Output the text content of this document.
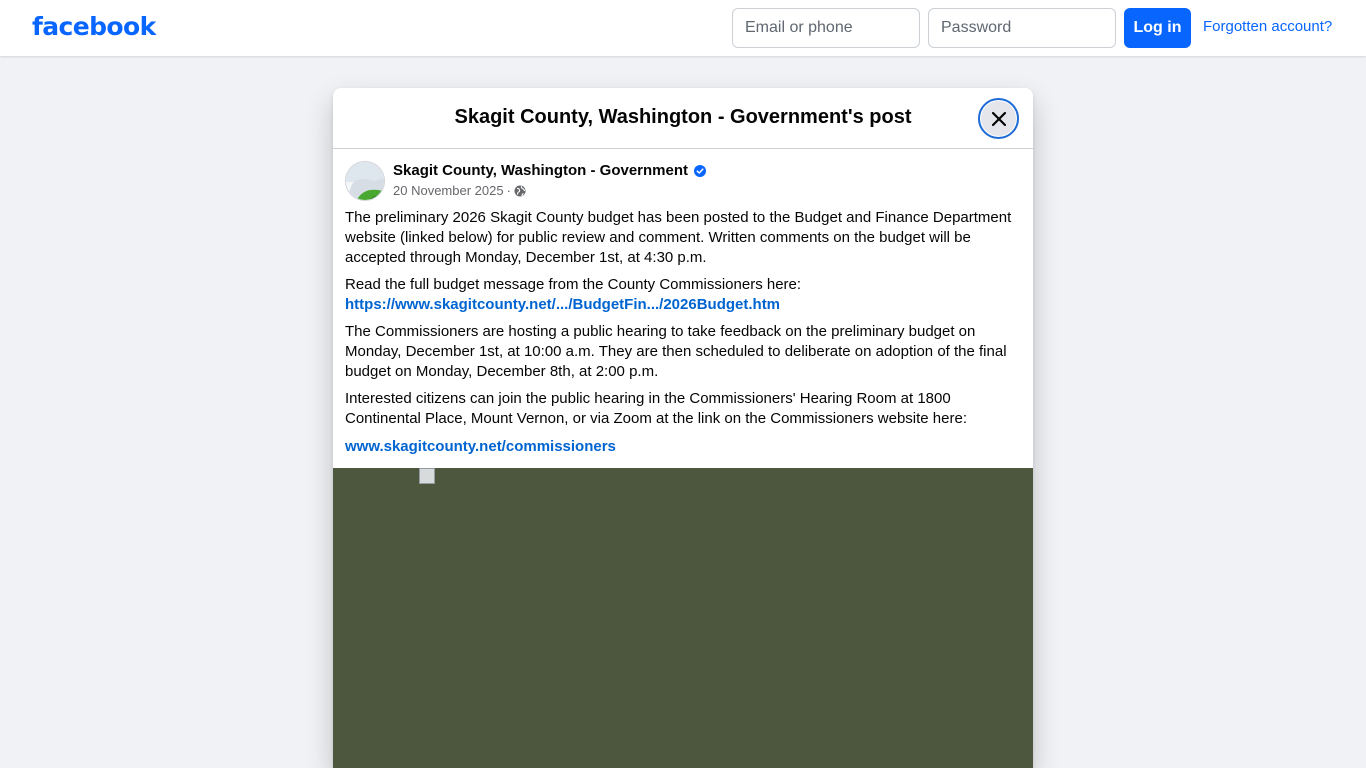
facebook
Email or phone	Log in	Forgotten account?
Skagit County, Washington - Government's post
Skagit County, Washington - Government
20 November 2025 ·

The preliminary 2026 Skagit County budget has been posted to the Budget and Finance Department website (linked below) for public review and comment. Written comments on the budget will be accepted through Monday, December 1st, at 4:30 p.m.

Read the full budget message from the County Commissioners here:
https://www.skagitcounty.net/.../BudgetFin.../2026Budget.htm

The Commissioners are hosting a public hearing to take feedback on the preliminary budget on Monday, December 1st, at 10:00 a.m. They are then scheduled to deliberate on adoption of the final budget on Monday, December 8th, at 2:00 p.m.

Interested citizens can join the public hearing in the Commissioners' Hearing Room at 1800 Continental Place, Mount Vernon, or via Zoom at the link on the Commissioners website here:

www.skagitcounty.net/commissioners
